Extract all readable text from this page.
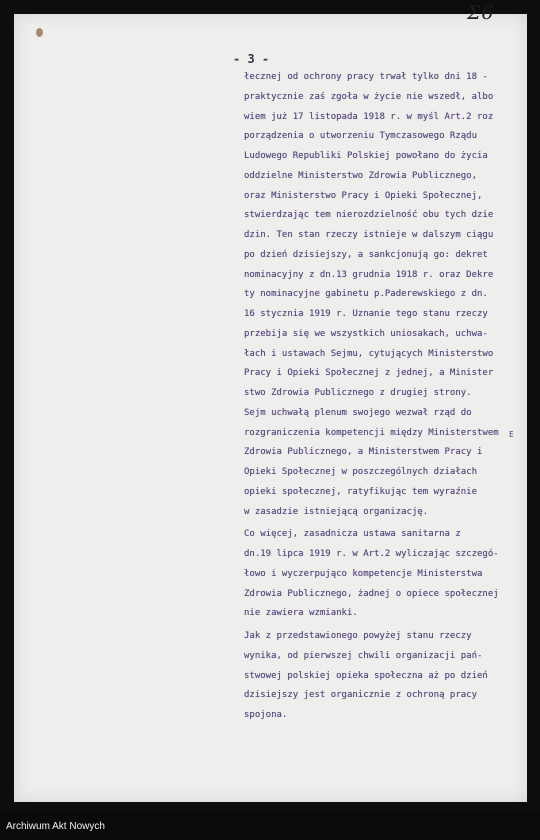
Σ6
- 3 -
łecznej od ochrony pracy trwał tylko dni 18 -
praktycznie zaś zgoła w życie nie wszedł, albo
wiem już 17 listopada 1918 r. w myśl Art.2 roz
porządzenia o utworzeniu Tymczasowego Rządu
Ludowego Republiki Polskiej powołano do życia
oddzielne Ministerstwo Zdrowia Publicznego,
oraz Ministerstwo Pracy i Opieki Społecznej,
stwierdzając tem nierozdzielność obu tych dzie
dzin. Ten stan rzeczy istnieje w dalszym ciągu
po dzień dzisiejszy, a sankcjonują go: dekret
nominacyjny z dn.13 grudnia 1918 r. oraz Dekre
ty nominacyjne gabinetu p.Paderewskiego z dn.
16 stycznia 1919 r. Uznanie tego stanu rzeczy
przebija się we wszystkich uniosakach, uchwa-
łach i ustawach Sejmu, cytujących Ministerstwo
Pracy i Opieki Społecznej z jednej, a Minister
stwo Zdrowia Publicznego z drugiej strony.
Sejm uchwałą plenum swojego wezwał rząd do
rozgraniczenia kompetencji między Ministerstwem
Zdrowia Publicznego, a Ministerstwem Pracy i
Opieki Społecznej w poszczególnych działach
opieki społecznej, ratyfikując tem wyraźnie
w zasadzie istniejącą organizację.
Co więcej, zasadnicza ustawa sanitarna z
dn.19 lipca 1919 r. w Art.2 wyliczając szczegó-
łowo i wyczerpująco kompetencje Ministerstwa
Zdrowia Publicznego, żadnej o opiece społecznej
nie zawiera wzmianki.
Jak z przedstawionego powyżej stanu rzeczy
wynika, od pierwszej chwili organizacji pań-
stwowej polskiej opieka społeczna aż po dzień
dzisiejszy jest organicznie z ochroną pracy
spojona.
E
Archiwum Akt Nowych
